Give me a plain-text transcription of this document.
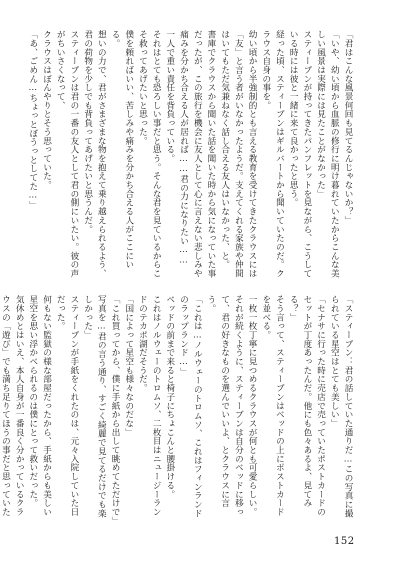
「君はこんな風景何回も見てるんじゃないか？」

「いや、幼い頃から血脈の修行に明け暮れていたからこんな美しい風景は実際には見たことがなかった」

スティーブンが持ってきたパンフレットを見ながら、こうしている時には彼と一緒に来て良かったと思う。

経った頃、スティーブンはギルバートから聞いていたのだ。クラウス自身の事を。

幼い頃から半強制的とも言える教育を受けてきたクラウスには「友」と言う者がいなかったようだ。支えてくれる家族や仲間はいてもただ気兼ねなく話し合える友人はいなかった、と。

書庫でクラウスから聞いた話を聞いた時から気になっていた事だったが、この旅行を機会に友人として心に言えない悲しみや痛みを分かち合える人が居れば……君の力になりたい……

一人で重い責任を背負っている。

それはとても恐ろしい事だと思う。そんな君を見ているからこそ救ってあげたいと思った。

僕を頼ればいい、苦しみや痛みを分かち合える人がここにいる。

想いの力で、君がさまざまな物を抱えて乗り越えられるよう、

君の荷物を少しでも背負ってあげたいと思うんだ。

スティーブンは君の一番の友人として君の側にいたい。彼の声がちいさくなって、

クラウスはぼんやりとそう思っていた。

「あ、ごめん…ちょっとぼうっとしてた…」

「スティーブン：君の話していた通りだ…この写真に撮られている星空はとても美しい」

「セナサに行った時に売店で売っていたポストカードのセットが丁度あったんだ。他にも色々あるよ、見てみる？」

そう言って、スティーブンはベッドの上にポストカードを並べる。

一枚一枚丁寧に見つめるクラウスが何とも可愛らしい。

それが続くように、スティーブンは自分のベッドに移って、君の好きなものを選んでいいよ、とクラウスに言う。

「これは…ノルウェーのトロムソ、これはフィンランドのラップランド…」

ベッドの前まで来ると椅子にちょこんと腰掛ける。

これはノルウェーのトロムソ、二枚目はニュージーランドのテカポ湖だそうだ。

「国によって星空も様々なのだな」

「これ買ってから、僕に手紙から出して眺めてただけで」

写真を…君の言う通り、すごく綺麗で見てるだけでも楽しかった」

スティーブンが手紙をくれたのは、元々入院していた日だった。

何もない監獄の様な部屋だったから、手紙からも美しい星空を思い浮かべられるのは僕にとって救いだった。

気休めとはいえ、本人自身が一番良く分かっているクラウスの「遊び」でも満ち足りてほうの事だと思っていた

152
